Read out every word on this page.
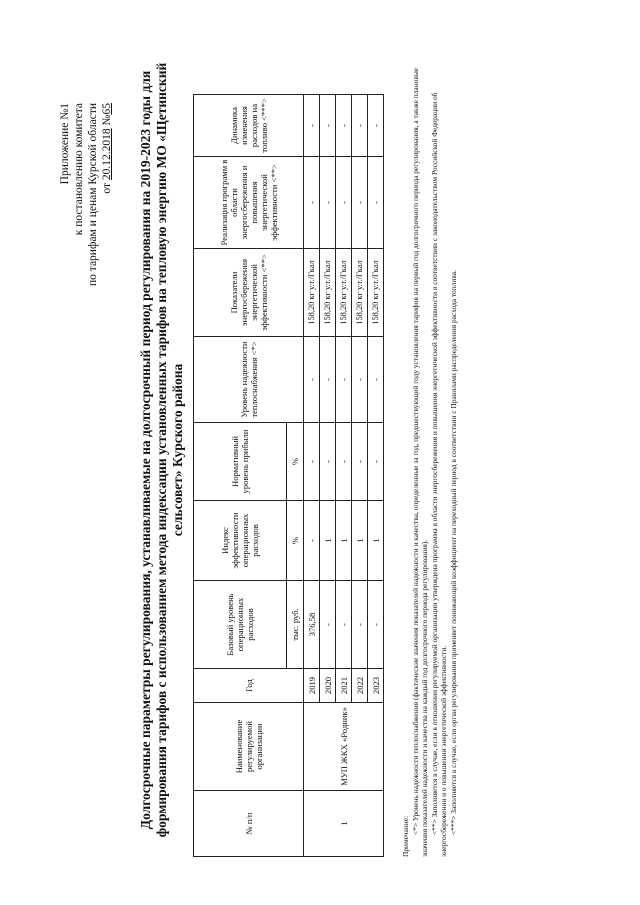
Приложение №1 к постановлению комитета по тарифам и ценам Курской области от 20.12.2018 №65 Долгосрочные параметры регулирования, устанавливаемые на долгосрочный период регулирования на 2019-2023 годы для формирования тарифов с использованием метода индексации установленных тарифов на тепловую энергию МО «Щетинский сельсовет» Курского района
№ п/п	Наименование регулируемой организации	Год	Базовый уровень операционных расходов	Индекс эффективности операционных расходов	Нормативный уровень прибыли	Уровень надежности теплоснабжения <*>	Показатели энергосбережения энергетической эффективности <**>	Реализация программ в области энергосбережения и повышения энергетической эффективности <**>	Динамика изменения расходов на топливо <***>
			тыс. руб.	%	%				
1	МУП ЖКХ «Родник»	2019	376,58	-	-	-	158,20 кг у.т./Гкал	-	-
		2020	-	1	-	-	158,20 кг у.т./Гкал	-	-
		2021	-	1	-	-	158,20 кг у.т./Гкал	-	-
		2022	-	1	-	-	158,20 кг у.т./Гкал	-	-
		2023	-	1	-	-	158,20 кг у.т./Гкал	-	-

Примечание:

<*> Уровень надежности теплоснабжения (фактические значения показателей надежности и качества, определенные за год, предшествующий году установления тарифов на первый год долгосрочного периода регулирования, а также плановые значения показателей надежности и качества на каждый год долгосрочного периода регулирования). <**> Заполняется в случае, если в отношении регулируемой организации утверждена программа в области энергосбережения и повышения энергетической эффективности в соответствии с законодательством Российской Федерации об энергосбережении и о повышении энергетической эффективности. <***> Заполняется в случае, если орган регулирования применяет понижающий коэффициент на переходный период в соответствии с Правилами распределения расхода топлива.
